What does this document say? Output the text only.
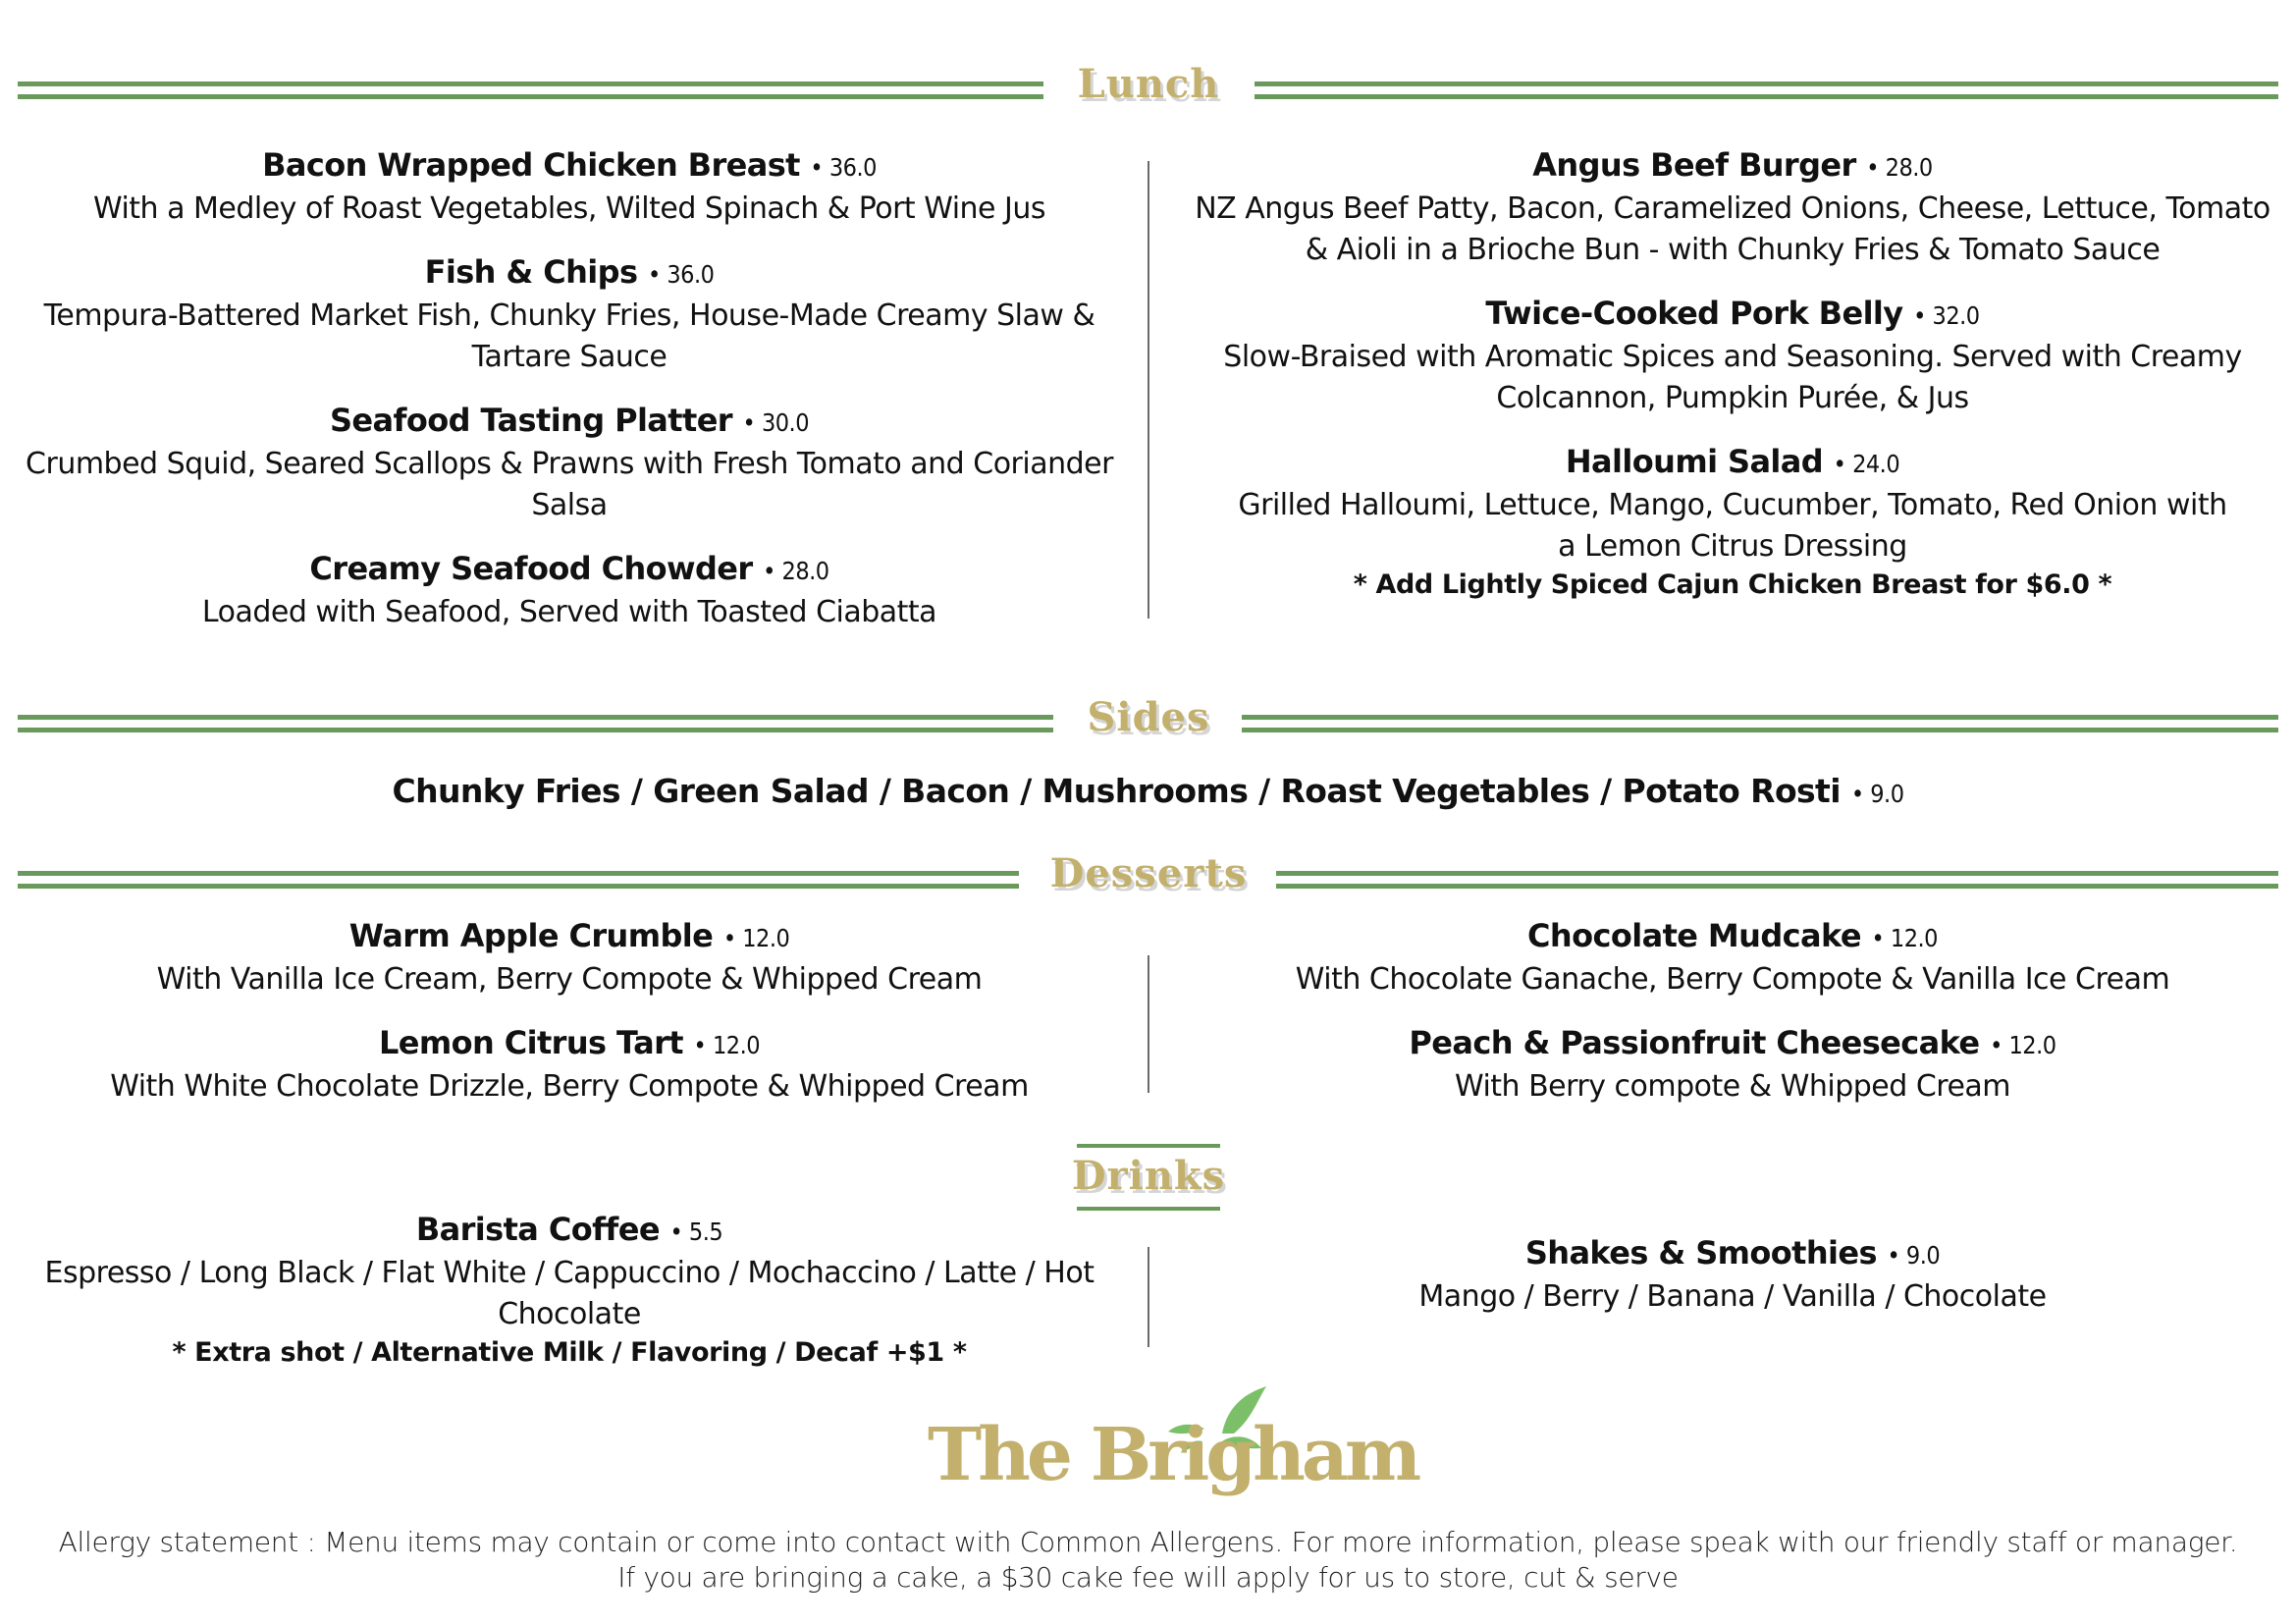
Lunch
Bacon Wrapped Chicken Breast • 36.0
With a Medley of Roast Vegetables, Wilted Spinach & Port Wine Jus
Fish & Chips • 36.0
Tempura-Battered Market Fish, Chunky Fries, House-Made Creamy Slaw & Tartare Sauce
Seafood Tasting Platter • 30.0
Crumbed Squid, Seared Scallops & Prawns with Fresh Tomato and Coriander Salsa
Creamy Seafood Chowder • 28.0
Loaded with Seafood, Served with Toasted Ciabatta
Angus Beef Burger • 28.0
NZ Angus Beef Patty, Bacon, Caramelized Onions, Cheese, Lettuce, Tomato & Aioli in a Brioche Bun - with Chunky Fries & Tomato Sauce
Twice-Cooked Pork Belly • 32.0
Slow-Braised with Aromatic Spices and Seasoning. Served with Creamy Colcannon, Pumpkin Purée, & Jus
Halloumi Salad • 24.0
Grilled Halloumi, Lettuce, Mango, Cucumber, Tomato, Red Onion with a Lemon Citrus Dressing
* Add Lightly Spiced Cajun Chicken Breast for $6.0 *
Sides
Chunky Fries / Green Salad / Bacon / Mushrooms / Roast Vegetables / Potato Rosti • 9.0
Desserts
Warm Apple Crumble • 12.0
With Vanilla Ice Cream, Berry Compote & Whipped Cream
Lemon Citrus Tart • 12.0
With White Chocolate Drizzle, Berry Compote & Whipped Cream
Chocolate Mudcake • 12.0
With Chocolate Ganache, Berry Compote & Vanilla Ice Cream
Peach & Passionfruit Cheesecake • 12.0
With Berry compote & Whipped Cream
Drinks
Barista Coffee • 5.5
Espresso / Long Black / Flat White / Cappuccino / Mochaccino / Latte / Hot Chocolate
* Extra shot / Alternative Milk / Flavoring / Decaf +$1 *
Shakes & Smoothies • 9.0
Mango / Berry / Banana / Vanilla / Chocolate
The Brigham
Allergy statement : Menu items may contain or come into contact with Common Allergens. For more information, please speak with our friendly staff or manager.
If you are bringing a cake, a $30 cake fee will apply for us to store, cut & serve
